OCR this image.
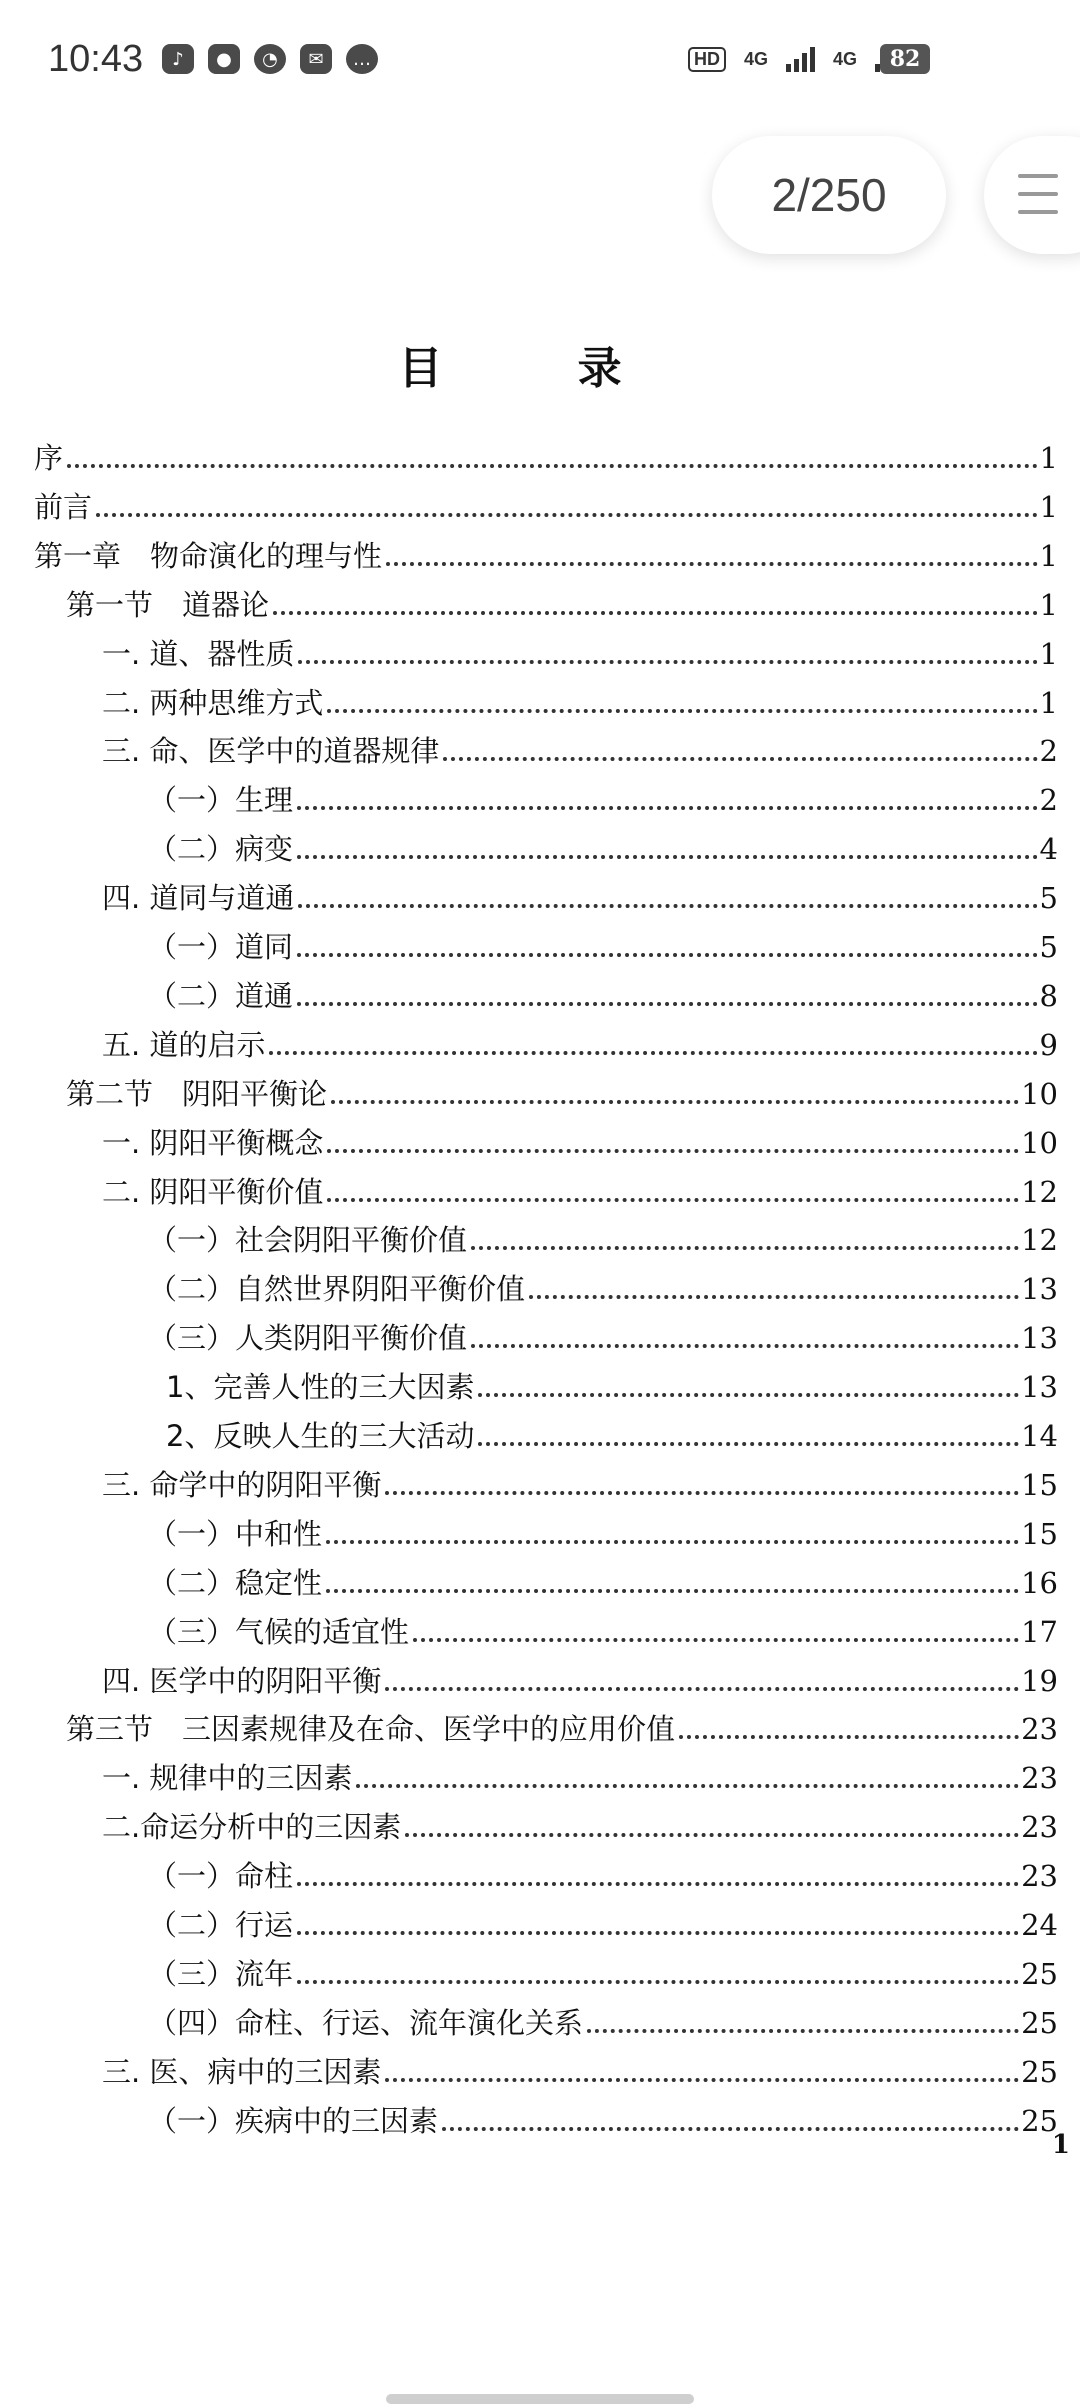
10:43	♪	●	◔	✉	…	HD	4G	4G	82
2/250
目 录
序	1
前言	1
第一章　物命演化的理与性	1
第一节　道器论	1
一. 道、器性质	1
二. 两种思维方式	1
三. 命、医学中的道器规律	2
（一）生理	2
（二）病变	4
四. 道同与道通	5
（一）道同	5
（二）道通	8
五. 道的启示	9
第二节　阴阳平衡论	10
一. 阴阳平衡概念	10
二. 阴阳平衡价值	12
（一）社会阴阳平衡价值	12
（二）自然世界阴阳平衡价值	13
（三）人类阴阳平衡价值	13
1、完善人性的三大因素	13
2、反映人生的三大活动	14
三. 命学中的阴阳平衡	15
（一）中和性	15
（二）稳定性	16
（三）气候的适宜性	17
四. 医学中的阴阳平衡	19
第三节　三因素规律及在命、医学中的应用价值	23
一. 规律中的三因素	23
二.命运分析中的三因素	23
（一）命柱	23
（二）行运	24
（三）流年	25
（四）命柱、行运、流年演化关系	25
三. 医、病中的三因素	25
（一）疾病中的三因素	25
1
